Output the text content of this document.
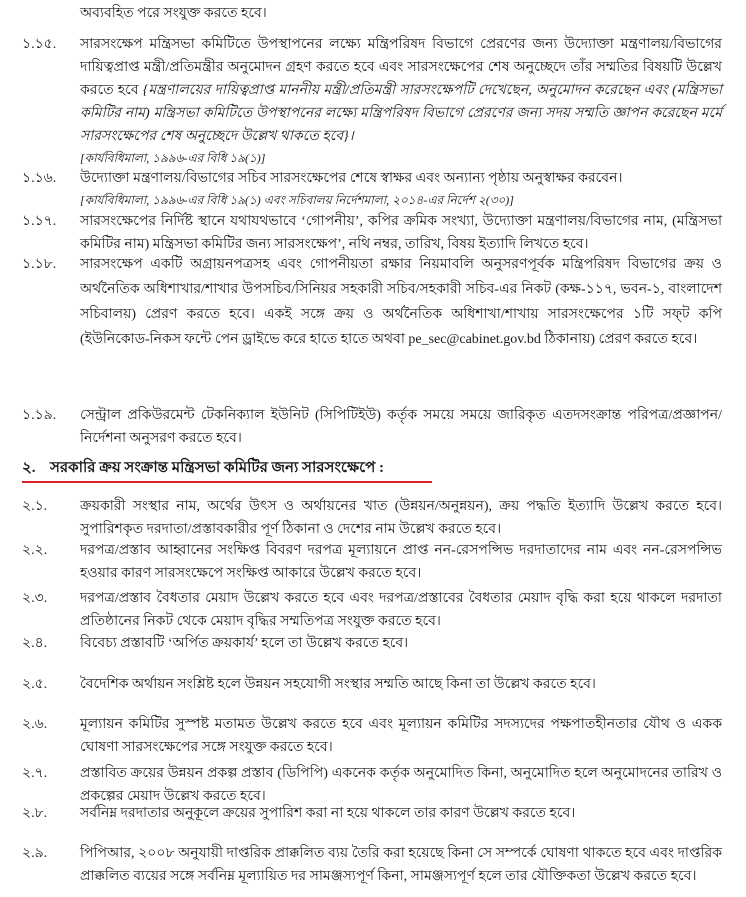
অব্যবহিত পরে সংযুক্ত করতে হবে।
১.১৫.	সারসংক্ষেপ মন্ত্রিসভা কমিটিতে উপস্থাপনের লক্ষ্যে মন্ত্রিপরিষদ বিভাগে প্রেরণের জন্য উদ্যোক্তা মন্ত্রণালয়/বিভাগের দায়িত্বপ্রাপ্ত মন্ত্রী/প্রতিমন্ত্রীর অনুমোদন গ্রহণ করতে হবে এবং সারসংক্ষেপের শেষ অনুচ্ছেদে তাঁর সম্মতির বিষয়টি উল্লেখ করতে হবে {মন্ত্রণালয়ের দায়িত্বপ্রাপ্ত মাননীয় মন্ত্রী/প্রতিমন্ত্রী সারসংক্ষেপটি দেখেছেন, অনুমোদন করেছেন এবং (মন্ত্রিসভা কমিটির নাম) মন্ত্রিসভা কমিটিতে উপস্থাপনের লক্ষ্যে মন্ত্রিপরিষদ বিভাগে প্রেরণের জন্য সদয় সম্মতি জ্ঞাপন করেছেন মর্মে সারসংক্ষেপের শেষ অনুচ্ছেদে উল্লেখ থাকতে হবে}।
[কার্যবিধিমালা, ১৯৯৬-এর বিধি ১৯(১)]
১.১৬.	উদ্যোক্তা মন্ত্রণালয়/বিভাগের সচিব সারসংক্ষেপের শেষে স্বাক্ষর এবং অন্যান্য পৃষ্ঠায় অনুস্বাক্ষর করবেন।
[কার্যবিধিমালা, ১৯৯৬-এর বিধি ১৯(১) এবং সচিবালয় নির্দেশমালা, ২০১৪-এর নির্দেশ ২(৩০)]
১.১৭.	সারসংক্ষেপের নির্দিষ্ট স্থানে যথাযথভাবে ‘গোপনীয়’, কপির ক্রমিক সংখ্যা, উদ্যোক্তা মন্ত্রণালয়/বিভাগের নাম, (মন্ত্রিসভা কমিটির নাম) মন্ত্রিসভা কমিটির জন্য সারসংক্ষেপ’, নথি নম্বর, তারিখ, বিষয় ইত্যাদি লিখতে হবে।
১.১৮.	সারসংক্ষেপ একটি অগ্রায়নপত্রসহ এবং গোপনীয়তা রক্ষার নিয়মাবলি অনুসরণপূর্বক মন্ত্রিপরিষদ বিভাগের ক্রয় ও অর্থনৈতিক অধিশাখার/শাখার উপসচিব/সিনিয়র সহকারী সচিব/সহকারী সচিব-এর নিকট (কক্ষ-১১৭, ভবন-১, বাংলাদেশ সচিবালয়) প্রেরণ করতে হবে। একই সঙ্গে ক্রয় ও অর্থনৈতিক অধিশাখা/শাখায় সারসংক্ষেপের ১টি সফ্‌ট কপি (ইউনিকোড-নিকস ফন্টে পেন ড্রাইভে করে হাতে হাতে অথবা pe_sec@cabinet.gov.bd ঠিকানায়) প্রেরণ করতে হবে।
১.১৯.	সেন্ট্রাল প্রকিউরমেন্ট টেকনিক্যাল ইউনিট (সিপিটিইউ) কর্তৃক সময়ে সময়ে জারিকৃত এতদসংক্রান্ত পরিপত্র/প্রজ্ঞাপন/নির্দেশনা অনুসরণ করতে হবে।
২. সরকারি ক্রয় সংক্রান্ত মন্ত্রিসভা কমিটির জন্য সারসংক্ষেপে :
২.১.	ক্রয়কারী সংস্থার নাম, অর্থের উৎস ও অর্থায়নের খাত (উন্নয়ন/অনুন্নয়ন), ক্রয় পদ্ধতি ইত্যাদি উল্লেখ করতে হবে। সুপারিশকৃত দরদাতা/প্রস্তাবকারীর পূর্ণ ঠিকানা ও দেশের নাম উল্লেখ করতে হবে।
২.২.	দরপত্র/প্রস্তাব আহ্বানের সংক্ষিপ্ত বিবরণ দরপত্র মূল্যায়নে প্রাপ্ত নন-রেসপন্সিভ দরদাতাদের নাম এবং নন-রেসপন্সিভ হওয়ার কারণ সারসংক্ষেপে সংক্ষিপ্ত আকারে উল্লেখ করতে হবে।
২.৩.	দরপত্র/প্রস্তাব বৈধতার মেয়াদ উল্লেখ করতে হবে এবং দরপত্র/প্রস্তাবের বৈধতার মেয়াদ বৃদ্ধি করা হয়ে থাকলে দরদাতা প্রতিষ্ঠানের নিকট থেকে মেয়াদ বৃদ্ধির সম্মতিপত্র সংযুক্ত করতে হবে।
২.৪.	বিবেচ্য প্রস্তাবটি ‘অর্পিত ক্রয়কার্য’ হলে তা উল্লেখ করতে হবে।
২.৫.	বৈদেশিক অর্থায়ন সংশ্লিষ্ট হলে উন্নয়ন সহযোগী সংস্থার সম্মতি আছে কিনা তা উল্লেখ করতে হবে।
২.৬.	মূল্যায়ন কমিটির সুস্পষ্ট মতামত উল্লেখ করতে হবে এবং মূল্যায়ন কমিটির সদস্যদের পক্ষপাতহীনতার যৌথ ও একক ঘোষণা সারসংক্ষেপের সঙ্গে সংযুক্ত করতে হবে।
২.৭.	প্রস্তাবিত ক্রয়ের উন্নয়ন প্রকল্প প্রস্তাব (ডিপিপি) একনেক কর্তৃক অনুমোদিত কিনা, অনুমোদিত হলে অনুমোদনের তারিখ ও প্রকল্পের মেয়াদ উল্লেখ করতে হবে।
২.৮.	সর্বনিম্ন দরদাতার অনুকূলে ক্রয়ের সুপারিশ করা না হয়ে থাকলে তার কারণ উল্লেখ করতে হবে।
২.৯.	পিপিআর, ২০০৮ অনুযায়ী দাপ্তরিক প্রাক্কলিত ব্যয় তৈরি করা হয়েছে কিনা সে সম্পর্কে ঘোষণা থাকতে হবে এবং দাপ্তরিক প্রাক্কলিত ব্যয়ের সঙ্গে সর্বনিম্ন মূল্যায়িত দর সামঞ্জস্যপূর্ণ কিনা, সামঞ্জস্যপূর্ণ হলে তার যৌক্তিকতা উল্লেখ করতে হবে।
